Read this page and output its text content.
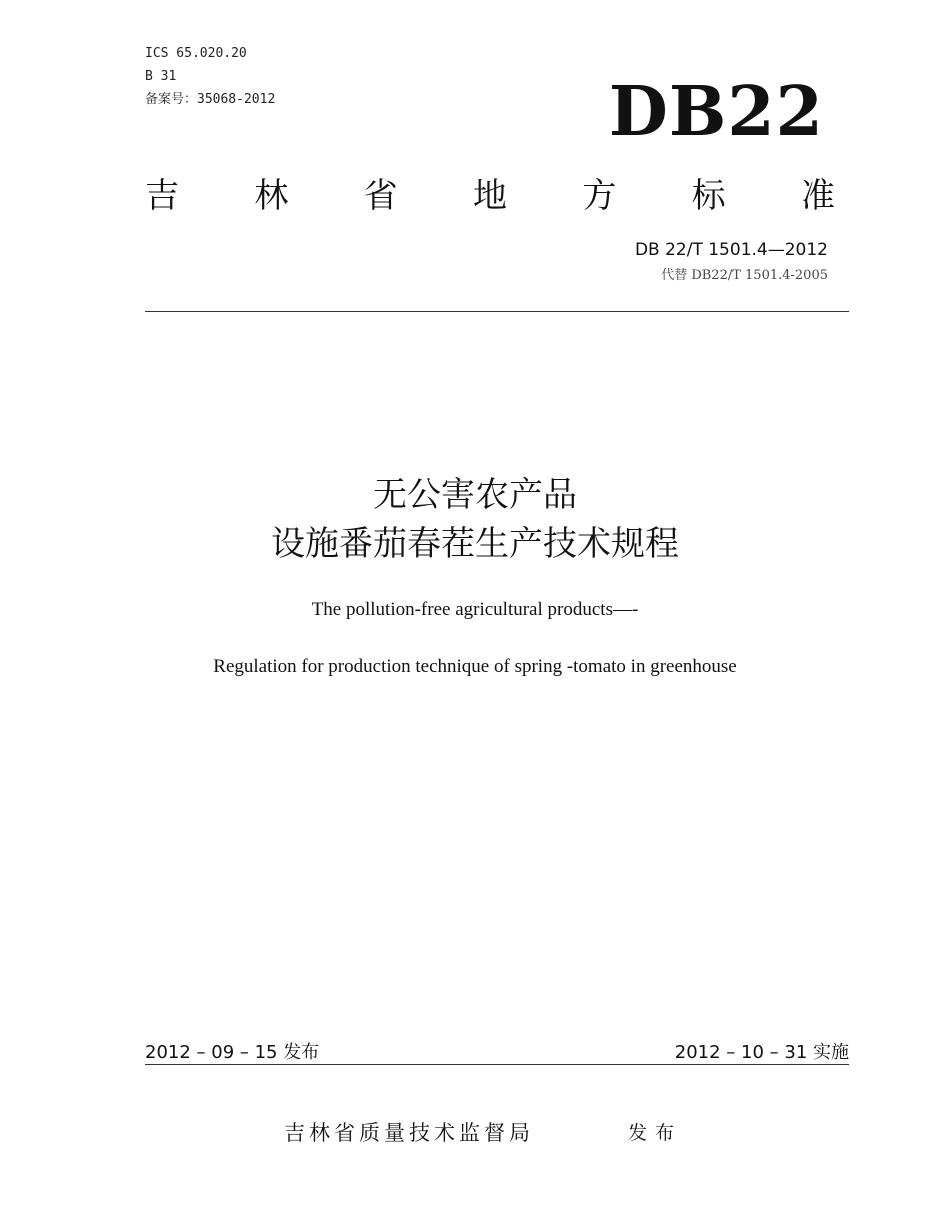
ICS 65.020.20
B 31
备案号：35068-2012	DB22
吉 林 省 地 方 标 准
DB 22/T 1501.4—2012
代替 DB22/T 1501.4-2005
无公害农产品
设施番茄春茬生产技术规程
The pollution-free agricultural products—-
Regulation for production technique of spring -tomato in greenhouse
2012 – 09 – 15 发布	2012 – 10 – 31 实施
吉林省质量技术监督局	发布
